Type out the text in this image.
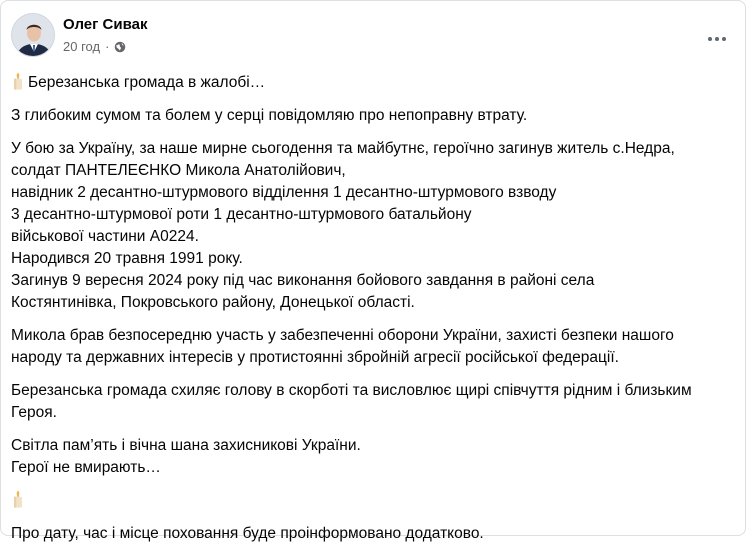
Олег Сивак
20 год ·

Березанська громада в жалобі…

З глибоким сумом та болем у серці повідомляю про непоправну втрату.

У бою за Україну, за наше мирне сьогодення та майбутнє, героїчно загинув житель с.Недра,
солдат ПАНТЕЛЕЄНКО Микола Анатолійович,
навідник 2 десантно-штурмового відділення 1 десантно-штурмового взводу
3 десантно-штурмової роти 1 десантно-штурмового батальйону
військової частини А0224.
Народився 20 травня 1991 року.
Загинув 9 вересня 2024 року під час виконання бойового завдання в районі села
Костянтинівка, Покровського району, Донецької області.

Микола брав безпосередню участь у забезпеченні оборони України, захисті безпеки нашого
народу та державних інтересів у протистоянні збройній агресії російської федерації.

Березанська громада схиляє голову в скорботі та висловлює щирі співчуття рідним і близьким
Героя.

Світла пам’ять і вічна шана захисникові України.
Герої не вмирають…

Про дату, час і місце поховання буде проінформовано додатково.
